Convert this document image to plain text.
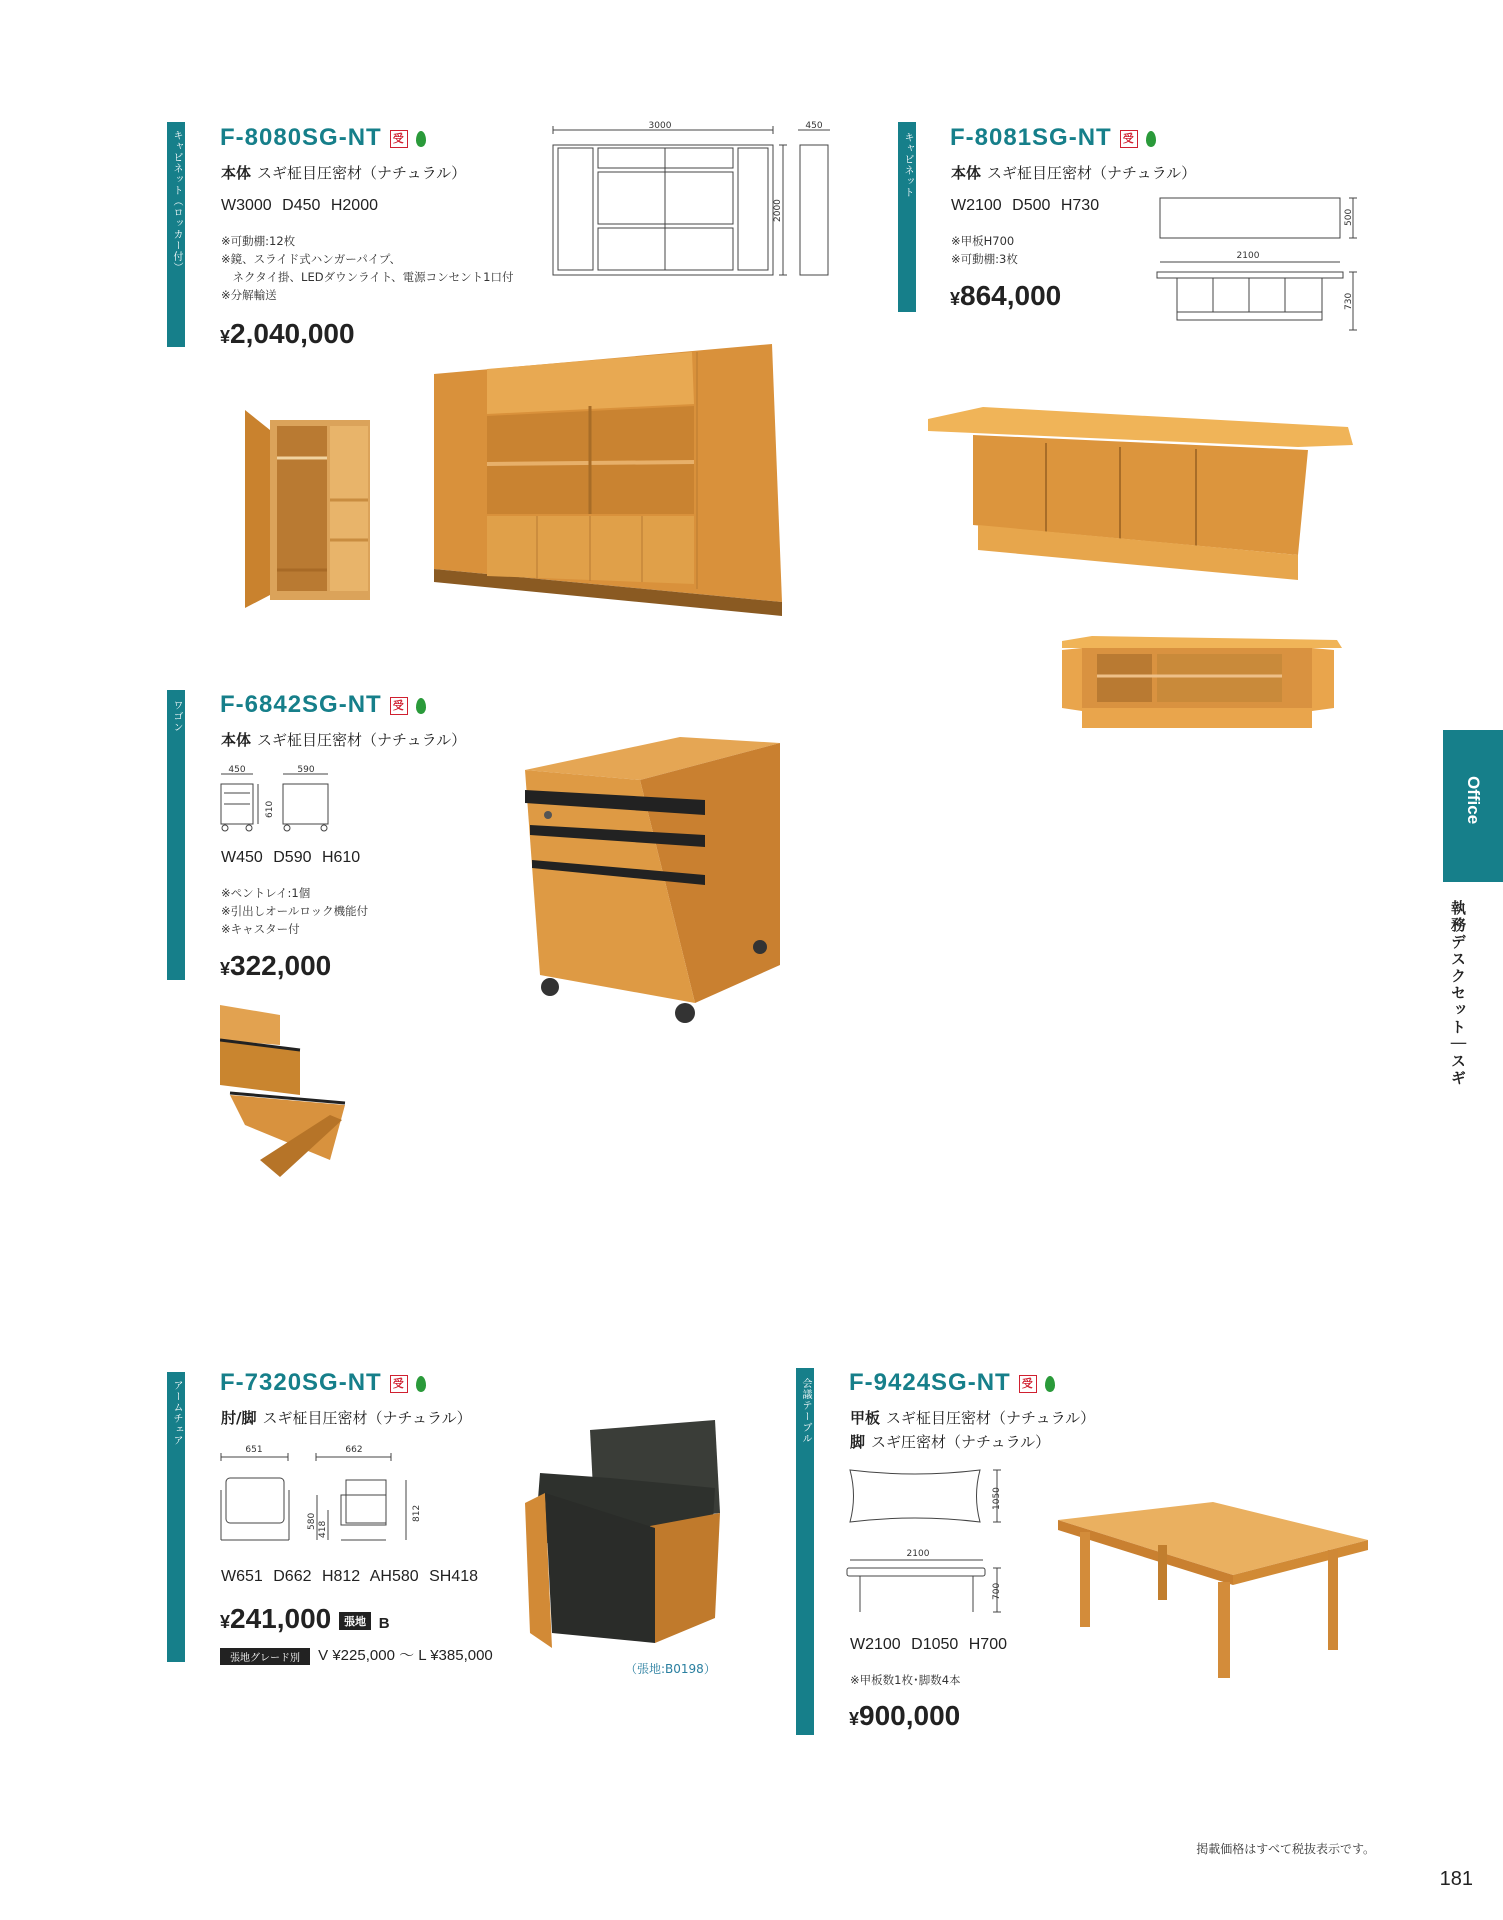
キャビネット（ロッカー付） F-8080SG-NT 受
本体 スギ柾目圧密材（ナチュラル）
W3000 D450 H2000
※可動棚:12枚
※鏡、スライド式ハンガーパイプ、
　ネクタイ掛、LEDダウンライト、電源コンセント1口付
※分解輸送
¥2,040,000
3000	450
2000
キャビネット F-8081SG-NT 受
本体 スギ柾目圧密材（ナチュラル）
W2100 D500 H730
※甲板H700
※可動棚:3枚
¥864,000
500
2100
730
ワゴン F-6842SG-NT 受
本体 スギ柾目圧密材（ナチュラル）
450
610
590
W450 D590 H610
※ペントレイ:1個
※引出しオールロック機能付
※キャスター付
¥322,000
アームチェア F-7320SG-NT 受
肘/脚 スギ柾目圧密材（ナチュラル）
651	662
580 418
812
W651 D662 H812 AH580 SH418
¥241,000 張地 B
張地グレード別 V ¥225,000 〜 L ¥385,000
（張地:B0198）
会議テーブル F-9424SG-NT 受
甲板 スギ柾目圧密材（ナチュラル）
脚 スギ圧密材（ナチュラル）
1050
2100
700
W2100 D1050 H700
※甲板数1枚･脚数4本
¥900,000
Office
執務デスクセット｜スギ
掲載価格はすべて税抜表示です。
181
